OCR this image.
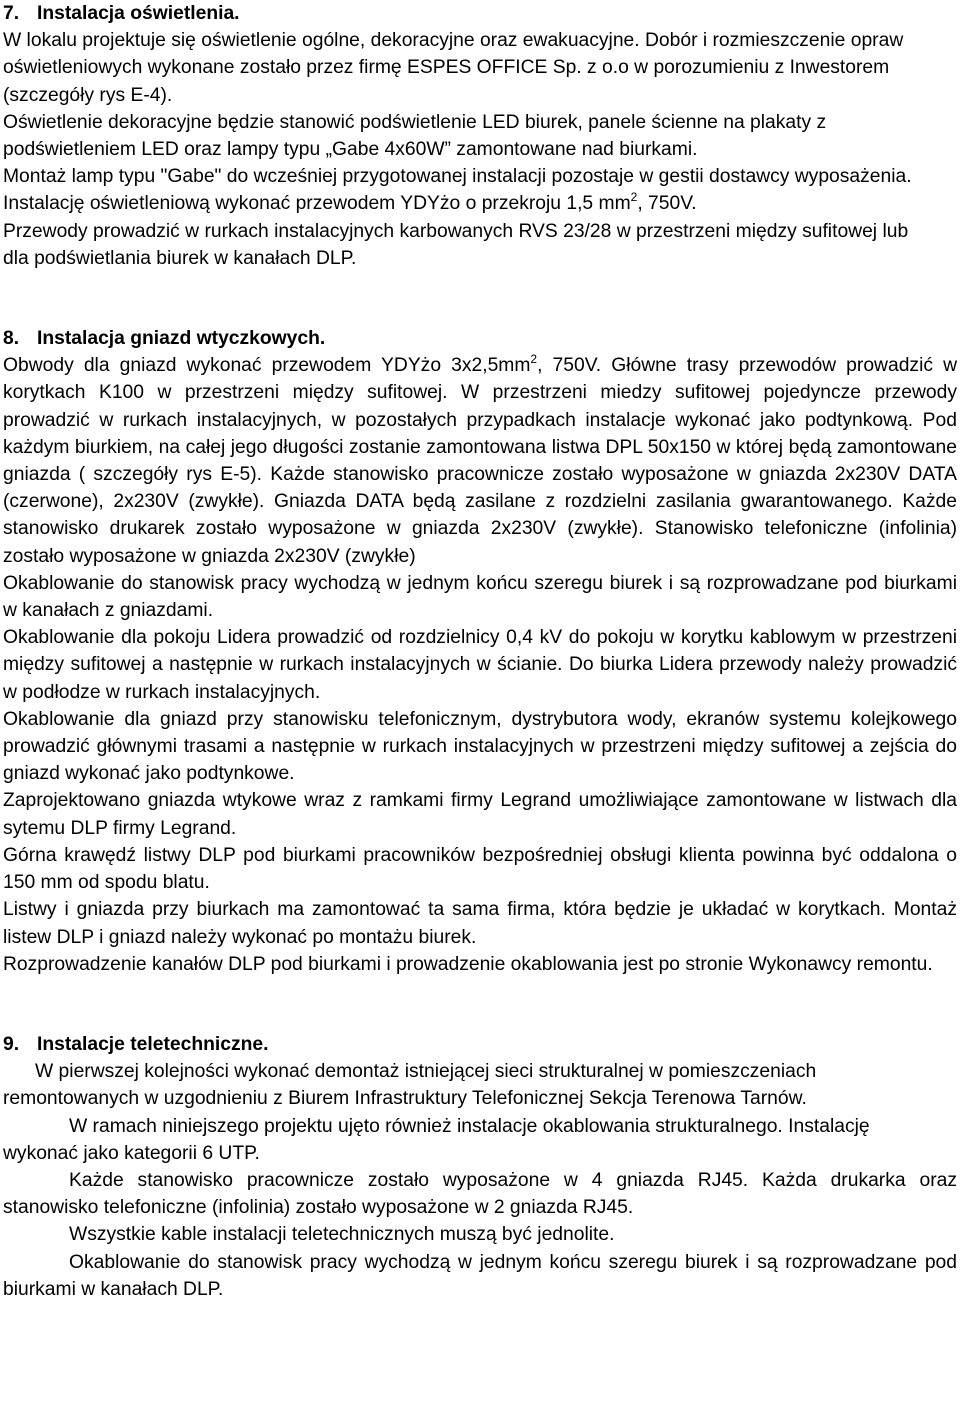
7. Instalacja oświetlenia.

W lokalu projektuje się oświetlenie ogólne, dekoracyjne oraz ewakuacyjne. Dobór i rozmieszczenie opraw oświetleniowych wykonane zostało przez firmę ESPES OFFICE Sp. z o.o w porozumieniu z Inwestorem (szczegóły rys E-4).

Oświetlenie dekoracyjne będzie stanowić podświetlenie LED biurek, panele ścienne na plakaty z podświetleniem LED oraz lampy typu „Gabe 4x60W” zamontowane nad biurkami.

Montaż lamp typu "Gabe" do wcześniej przygotowanej instalacji pozostaje w gestii dostawcy wyposażenia.

Instalację oświetleniową wykonać przewodem YDYżo o przekroju 1,5 $mm^2$, 750V.

Przewody prowadzić w rurkach instalacyjnych karbowanych RVS 23/28 w przestrzeni między sufitowej lub dla podświetlania biurek w kanałach DLP.

8. Instalacja gniazd wtyczkowych.

Obwody dla gniazd wykonać przewodem YDYżo $3x2,5mm^2$, 750V. Główne trasy przewodów prowadzić w korytkach K100 w przestrzeni między sufitowej. W przestrzeni miedzy sufitowej pojedyncze przewody prowadzić w rurkach instalacyjnych, w pozostałych przypadkach instalacje wykonać jako podtynkową. Pod każdym biurkiem, na całej jego długości zostanie zamontowana listwa DPL 50x150 w której będą zamontowane gniazda ( szczegóły rys E-5). Każde stanowisko pracownicze zostało wyposażone w gniazda 2x230V DATA (czerwone), 2x230V (zwykłe). Gniazda DATA będą zasilane z rozdzielni zasilania gwarantowanego. Każde stanowisko drukarek zostało wyposażone w gniazda 2x230V (zwykłe). Stanowisko telefoniczne (infolinia) zostało wyposażone w gniazda 2x230V (zwykłe)

Okablowanie do stanowisk pracy wychodzą w jednym końcu szeregu biurek i są rozprowadzane pod biurkami w kanałach z gniazdami.

Okablowanie dla pokoju Lidera prowadzić od rozdzielnicy 0,4 kV do pokoju w korytku kablowym w przestrzeni między sufitowej a następnie w rurkach instalacyjnych w ścianie. Do biurka Lidera przewody należy prowadzić w podłodze w rurkach instalacyjnych.

Okablowanie dla gniazd przy stanowisku telefonicznym, dystrybutora wody, ekranów systemu kolejkowego prowadzić głównymi trasami a następnie w rurkach instalacyjnych w przestrzeni między sufitowej a zejścia do gniazd wykonać jako podtynkowe.

Zaprojektowano gniazda wtykowe wraz z ramkami firmy Legrand umożliwiające zamontowane w listwach dla sytemu DLP firmy Legrand.

Górna krawędź listwy DLP pod biurkami pracowników bezpośredniej obsługi klienta powinna być oddalona o 150 mm od spodu blatu.

Listwy i gniazda przy biurkach ma zamontować ta sama firma, która będzie je układać w korytkach. Montaż listew DLP i gniazd należy wykonać po montażu biurek.

Rozprowadzenie kanałów DLP pod biurkami i prowadzenie okablowania jest po stronie Wykonawcy remontu.

9. Instalacje teletechniczne.

W pierwszej kolejności wykonać demontaż istniejącej sieci strukturalnej w pomieszczeniach remontowanych w uzgodnieniu z Biurem Infrastruktury Telefonicznej Sekcja Terenowa Tarnów.

W ramach niniejszego projektu ujęto również instalacje okablowania strukturalnego. Instalację wykonać jako kategorii 6 UTP.

Każde stanowisko pracownicze zostało wyposażone w 4 gniazda RJ45. Każda drukarka oraz stanowisko telefoniczne (infolinia) zostało wyposażone w 2 gniazda RJ45.

Wszystkie kable instalacji teletechnicznych muszą być jednolite.

Okablowanie do stanowisk pracy wychodzą w jednym końcu szeregu biurek i są rozprowadzane pod biurkami w kanałach DLP.
